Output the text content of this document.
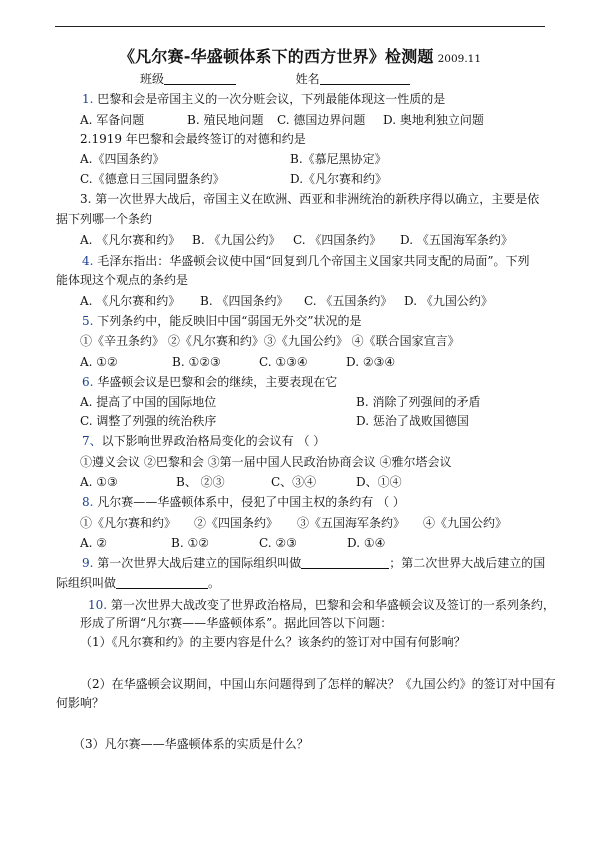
《凡尔赛-华盛顿体系下的西方世界》检测题 2009.11
班级	姓名
1. 巴黎和会是帝国主义的一次分赃会议，下列最能体现这一性质的是
A. 军备问题	B. 殖民地问题 C. 德国边界问题 D. 奥地利独立问题
2.1919 年巴黎和会最终签订的对德和约是
A.《四国条约》	B.《慕尼黑协定》
C.《德意日三国同盟条约》	D.《凡尔赛和约》
3. 第一次世界大战后，帝国主义在欧洲、西亚和非洲统治的新秩序得以确立，主要是依
据下列哪一个条约
A. 《凡尔赛和约》 B. 《九国公约》 C. 《四国条约》 D. 《五国海军条约》
4. 毛泽东指出：华盛顿会议使中国“回复到几个帝国主义国家共同支配的局面”。下列
能体现这个观点的条约是
A. 《凡尔赛和约》 B. 《四国条约》 C. 《五国条约》 D. 《九国公约》
5. 下列条约中，能反映旧中国“弱国无外交”状况的是
①《辛丑条约》 ②《凡尔赛和约》③《九国公约》 ④《联合国家宣言》
A. ①②	B. ①②③	C. ①③④	D. ②③④
6. 华盛顿会议是巴黎和会的继续，主要表现在它
A. 提高了中国的国际地位	B. 消除了列强间的矛盾
C. 调整了列强的统治秩序	D. 惩治了战败国德国
7、以下影响世界政治格局变化的会议有 （ ）
①遵义会议 ②巴黎和会 ③第一届中国人民政治协商会议 ④雅尔塔会议
A. ①③	B、 ②③	C、③④	D、①④
8. 凡尔赛——华盛顿体系中，侵犯了中国主权的条约有 （ ）
①《凡尔赛和约》 ②《四国条约》 ③《五国海军条约》 ④《九国公约》
A. ②	B. ①②	C. ②③	D. ①④
9. 第一次世界大战后建立的国际组织叫做	；第二次世界大战后建立的国
际组织叫做	。
10. 第一次世界大战改变了世界政治格局，巴黎和会和华盛顿会议及签订的一系列条约，
形成了所谓“凡尔赛——华盛顿体系”。据此回答以下问题：
（1）《凡尔赛和约》的主要内容是什么？该条约的签订对中国有何影响？
（2）在华盛顿会议期间，中国山东问题得到了怎样的解决？《九国公约》的签订对中国有
何影响？
（3）凡尔赛——华盛顿体系的实质是什么？
